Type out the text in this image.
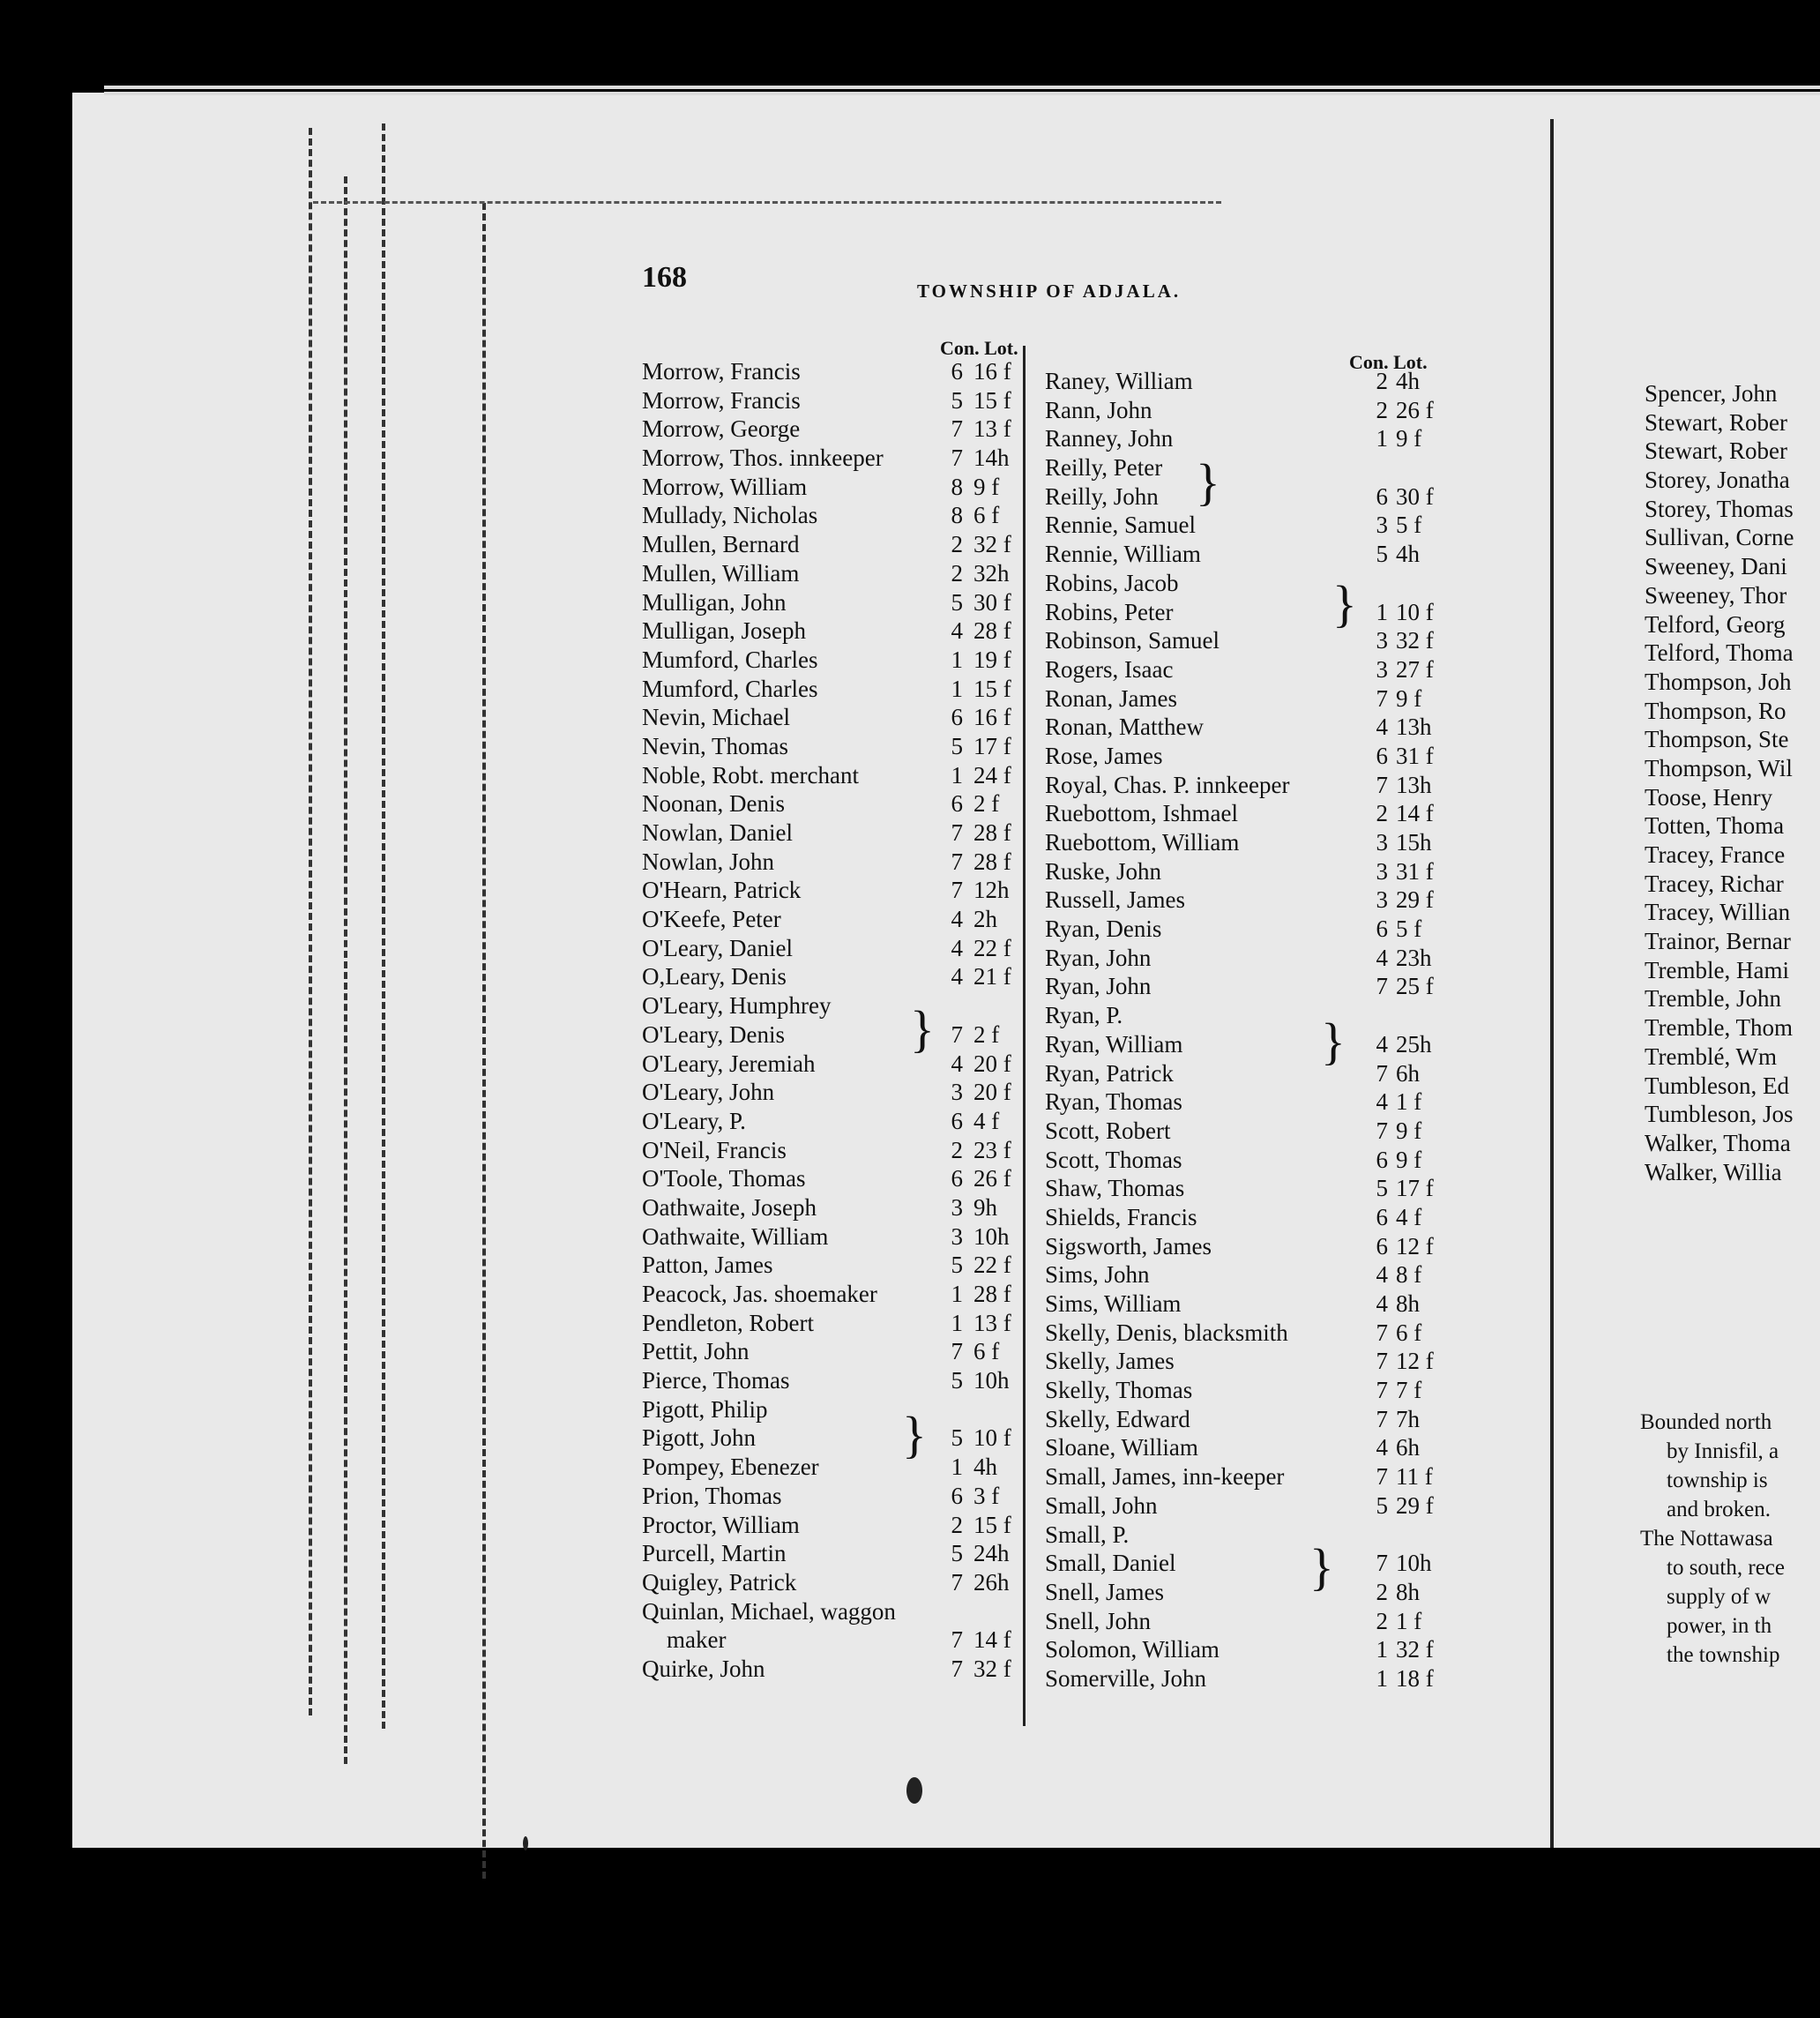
168	TOWNSHIP OF ADJALA.
Con. Lot.
Con. Lot.
Morrow, Francis	6 16 f
Morrow, Francis	5 15 f
Morrow, George	7 13 f
Morrow, Thos. innkeeper	7 14h
Morrow, William	8 9 f
Mullady, Nicholas	8 6 f
Mullen, Bernard	2 32 f
Mullen, William	2 32h
Mulligan, John	5 30 f
Mulligan, Joseph	4 28 f
Mumford, Charles	1 19 f
Mumford, Charles	1 15 f
Nevin, Michael	6 16 f
Nevin, Thomas	5 17 f
Noble, Robt. merchant	1 24 f
Noonan, Denis	6 2 f
Nowlan, Daniel	7 28 f
Nowlan, John	7 28 f
O'Hearn, Patrick	7 12h
O'Keefe, Peter	4 2h
O'Leary, Daniel	4 22 f
O,Leary, Denis	4 21 f
O'Leary, Humphrey
O'Leary, Denis	7 2 f
O'Leary, Jeremiah	4 20 f
O'Leary, John	3 20 f
O'Leary, P.	6 4 f
O'Neil, Francis	2 23 f
O'Toole, Thomas	6 26 f
Oathwaite, Joseph	3 9h
Oathwaite, William	3 10h
Patton, James	5 22 f
Peacock, Jas. shoemaker	1 28 f
Pendleton, Robert	1 13 f
Pettit, John	7 6 f
Pierce, Thomas	5 10h
Pigott, Philip
Pigott, John	5 10 f
Pompey, Ebenezer	1 4h
Prion, Thomas	6 3 f
Proctor, William	2 15 f
Purcell, Martin	5 24h
Quigley, Patrick	7 26h
Quinlan, Michael, waggon
maker	7 14 f
Quirke, John	7 32 f
Raney, William	2 4h
Rann, John	2 26 f
Ranney, John	1 9 f
Reilly, Peter
Reilly, John	6 30 f
Rennie, Samuel	3 5 f
Rennie, William	5 4h
Robins, Jacob
Robins, Peter	1 10 f
Robinson, Samuel	3 32 f
Rogers, Isaac	3 27 f
Ronan, James	7 9 f
Ronan, Matthew	4 13h
Rose, James	6 31 f
Royal, Chas. P. innkeeper	7 13h
Ruebottom, Ishmael	2 14 f
Ruebottom, William	3 15h
Ruske, John	3 31 f
Russell, James	3 29 f
Ryan, Denis	6 5 f
Ryan, John	4 23h
Ryan, John	7 25 f
Ryan, P.
Ryan, William	4 25h
Ryan, Patrick	7 6h
Ryan, Thomas	4 1 f
Scott, Robert	7 9 f
Scott, Thomas	6 9 f
Shaw, Thomas	5 17 f
Shields, Francis	6 4 f
Sigsworth, James	6 12 f
Sims, John	4 8 f
Sims, William	4 8h
Skelly, Denis, blacksmith	7 6 f
Skelly, James	7 12 f
Skelly, Thomas	7 7 f
Skelly, Edward	7 7h
Sloane, William	4 6h
Small, James, inn-keeper	7 11 f
Small, John	5 29 f
Small, P.
Small, Daniel	7 10h
Snell, James	2 8h
Snell, John	2 1 f
Solomon, William	1 32 f
Somerville, John	1 18 f
Spencer, John
Stewart, Rober
Stewart, Rober
Storey, Jonatha
Storey, Thomas
Sullivan, Corne
Sweeney, Dani
Sweeney, Thor
Telford, Georg
Telford, Thoma
Thompson, Joh
Thompson, Ro
Thompson, Ste
Thompson, Wil
Toose, Henry
Totten, Thoma
Tracey, France
Tracey, Richar
Tracey, Willian
Trainor, Bernar
Tremble, Hami
Tremble, John
Tremble, Thom
Tremblé, Wm
Tumbleson, Ed
Tumbleson, Jos
Walker, Thoma
Walker, Willia
}
}
}
}
}
}

Bounded north

by Innisfil, a

township is

and broken.

The Nottawasa

to south, rece

supply of w

power, in th

the township
